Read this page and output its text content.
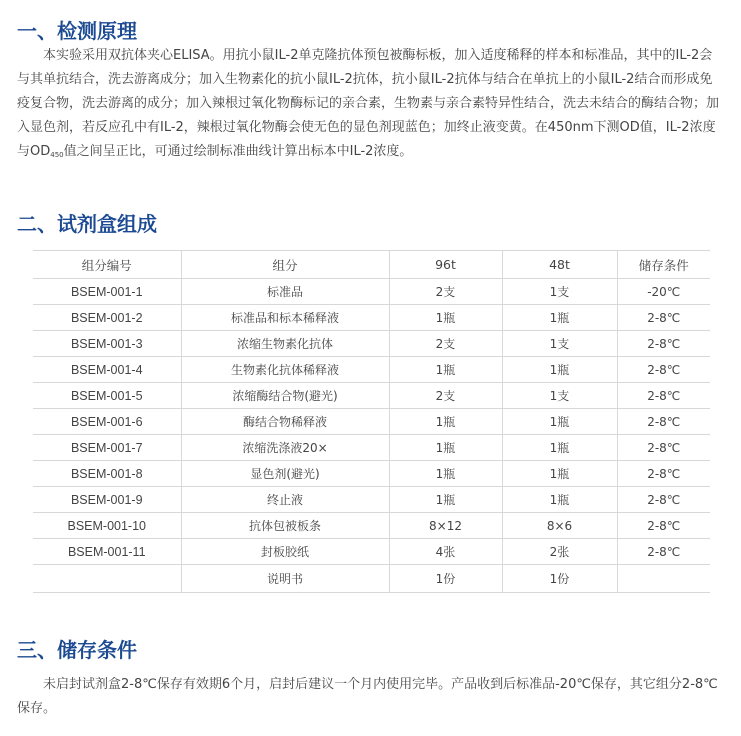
一、检测原理

本实验采用双抗体夹心ELISA。用抗小鼠IL-2单克隆抗体预包被酶标板，加入适度稀释的样本和标准品，其中的IL-2会与其单抗结合，洗去游离成分；加入生物素化的抗小鼠IL-2抗体，抗小鼠IL-2抗体与结合在单抗上的小鼠IL-2结合而形成免疫复合物，洗去游离的成分；加入辣根过氧化物酶标记的亲合素，生物素与亲合素特异性结合，洗去未结合的酶结合物；加入显色剂，若反应孔中有IL-2，辣根过氧化物酶会使无色的显色剂现蓝色；加终止液变黄。在450nm下测OD值，IL-2浓度与$OD_{450}$值之间呈正比，可通过绘制标准曲线计算出标本中IL-2浓度。

二、试剂盒组成
组分编号	组分	96t	48t	储存条件
BSEM-001-1	标准品	2支	1支	-20℃
BSEM-001-2	标准品和标本稀释液	1瓶	1瓶	2-8℃
BSEM-001-3	浓缩生物素化抗体	2支	1支	2-8℃
BSEM-001-4	生物素化抗体稀释液	1瓶	1瓶	2-8℃
BSEM-001-5	浓缩酶结合物(避光)	2支	1支	2-8℃
BSEM-001-6	酶结合物稀释液	1瓶	1瓶	2-8℃
BSEM-001-7	浓缩洗涤液20×	1瓶	1瓶	2-8℃
BSEM-001-8	显色剂(避光)	1瓶	1瓶	2-8℃
BSEM-001-9	终止液	1瓶	1瓶	2-8℃
BSEM-001-10	抗体包被板条	8×12	8×6	2-8℃
BSEM-001-11	封板胶纸	4张	2张	2-8℃
	说明书	1份	1份	
三、储存条件

未启封试剂盒2-8℃保存有效期6个月，启封后建议一个月内使用完毕。产品收到后标准品-20℃保存，其它组分2-8℃保存。
